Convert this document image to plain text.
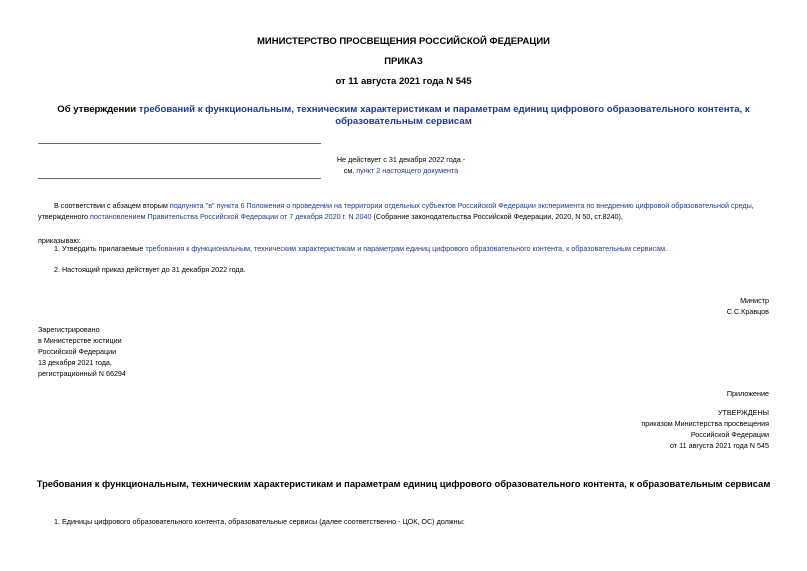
МИНИСТЕРСТВО ПРОСВЕЩЕНИЯ РОССИЙСКОЙ ФЕДЕРАЦИИ
ПРИКАЗ
от 11 августа 2021 года N 545
Об утверждении требований к функциональным, техническим характеристикам и параметрам единиц цифрового образовательного контента, к образовательным сервисам
Не действует с 31 декабря 2022 года -
см. пункт 2 настоящего документа
В соответствии с абзацем вторым подпункта "в" пункта 6 Положения о проведении на территории отдельных субъектов Российской Федерации эксперимента по внедрению цифровой образовательной среды, утвержденного постановлением Правительства Российской Федерации от 7 декабря 2020 г. N 2040 (Собрание законодательства Российской Федерации, 2020, N 50, ст.8240),
приказываю:
1. Утвердить прилагаемые требования к функциональным, техническим характеристикам и параметрам единиц цифрового образовательного контента, к образовательным сервисам.
2. Настоящий приказ действует до 31 декабря 2022 года.
Министр
С.С.Кравцов
Зарегистрировано
в Министерстве юстиции
Российской Федерации
13 декабря 2021 года,
регистрационный N 66294
Приложение
УТВЕРЖДЕНЫ
приказом Министерства просвещения
Российской Федерации
от 11 августа 2021 года N 545
Требования к функциональным, техническим характеристикам и параметрам единиц цифрового образовательного контента, к образовательным сервисам
1. Единицы цифрового образовательного контента, образовательные сервисы (далее соответственно - ЦОК, ОС) должны:
